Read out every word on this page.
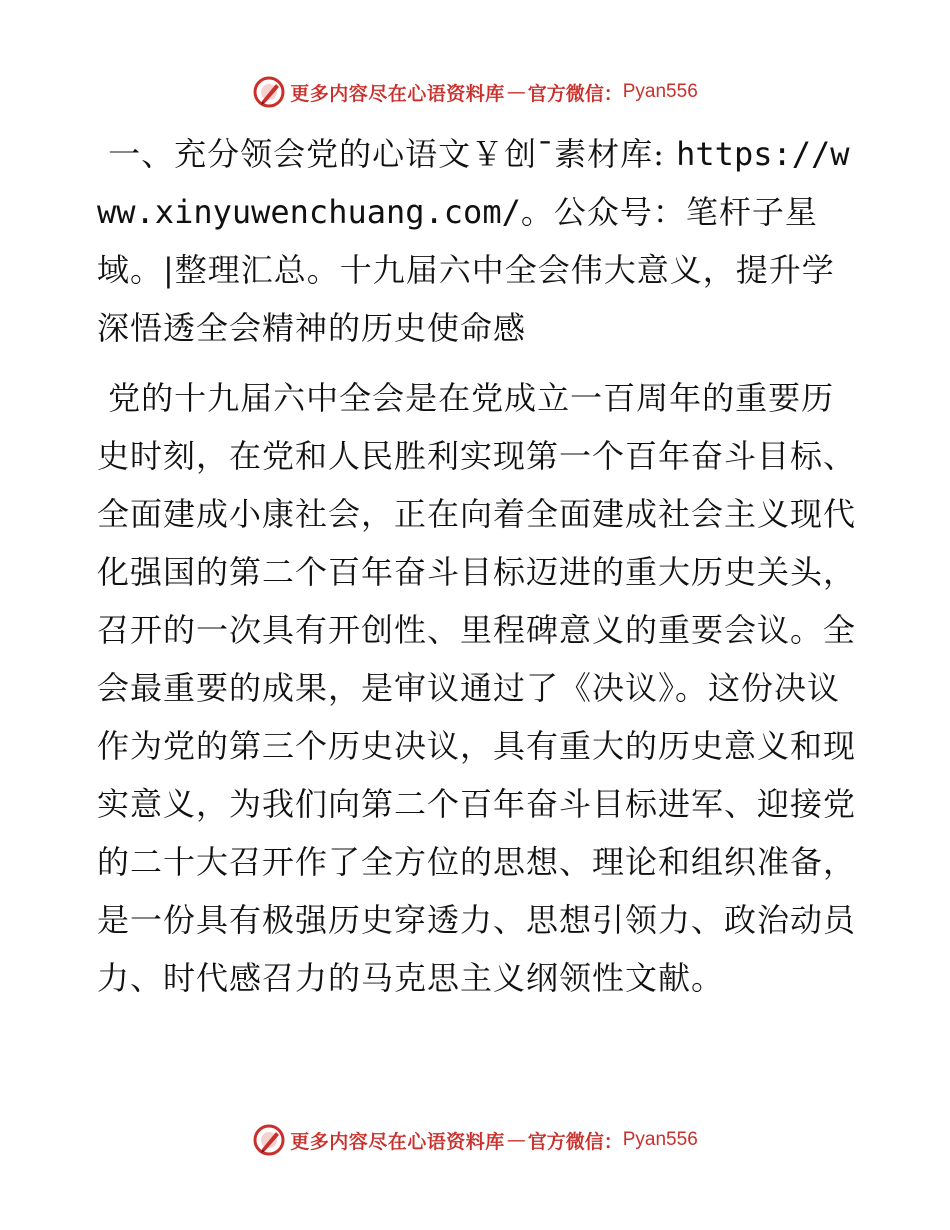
更多内容尽在心语资料库 — 官方微信： Pyan556

一、充分领会党的心语文￥创¯素材库: https://www.xinyuwenchuang.com/。公众号：笔杆子星域。|整理汇总。十九届六中全会伟大意义，提升学深悟透全会精神的历史使命感

党的十九届六中全会是在党成立一百周年的重要历史时刻，在党和人民胜利实现第一个百年奋斗目标、全面建成小康社会，正在向着全面建成社会主义现代化强国的第二个百年奋斗目标迈进的重大历史关头，召开的一次具有开创性、里程碑意义的重要会议。全会最重要的成果，是审议通过了《决议》。这份决议作为党的第三个历史决议，具有重大的历史意义和现实意义，为我们向第二个百年奋斗目标进军、迎接党的二十大召开作了全方位的思想、理论和组织准备，是一份具有极强历史穿透力、思想引领力、政治动员力、时代感召力的马克思主义纲领性文献。

更多内容尽在心语资料库 — 官方微信： Pyan556
